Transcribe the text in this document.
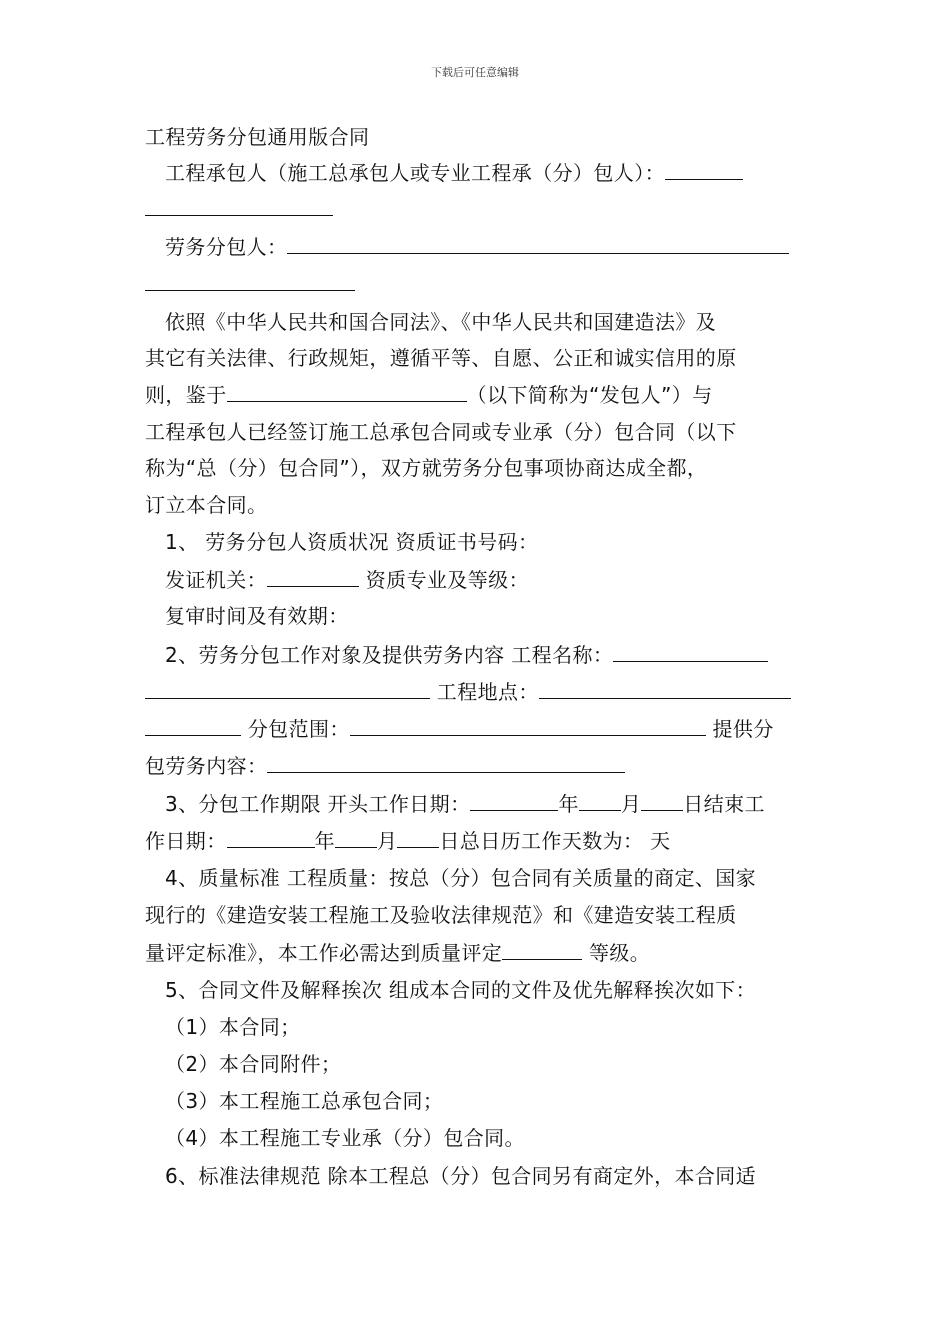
下载后可任意编辑
工程劳务分包通用版合同
工程承包人（施工总承包人或专业工程承（分）包人）：
劳务分包人：
依照《中华人民共和国合同法》、《中华人民共和国建造法》及
其它有关法律、行政规矩，遵循平等、自愿、公正和诚实信用的原
则，鉴于	（以下简称为“发包人”）与
工程承包人已经签订施工总承包合同或专业承（分）包合同（以下
称为“总（分）包合同”），双方就劳务分包事项协商达成全都，
订立本合同。
1、 劳务分包人资质状况 资质证书号码：
发证机关：	资质专业及等级：
复审时间及有效期：
2、劳务分包工作对象及提供劳务内容 工程名称：
工程地点：
分包范围：	提供分
包劳务内容：
3、分包工作期限 开头工作日期：	年 月 日结束工
作日期：	年 月 日总日历工作天数为： 天
4、质量标准 工程质量：按总（分）包合同有关质量的商定、国家
现行的《建造安装工程施工及验收法律规范》和《建造安装工程质
量评定标准》，本工作必需达到质量评定	等级。
5、合同文件及解释挨次 组成本合同的文件及优先解释挨次如下：
（1）本合同；
（2）本合同附件；
（3）本工程施工总承包合同；
（4）本工程施工专业承（分）包合同。
6、标准法律规范 除本工程总（分）包合同另有商定外，本合同适
